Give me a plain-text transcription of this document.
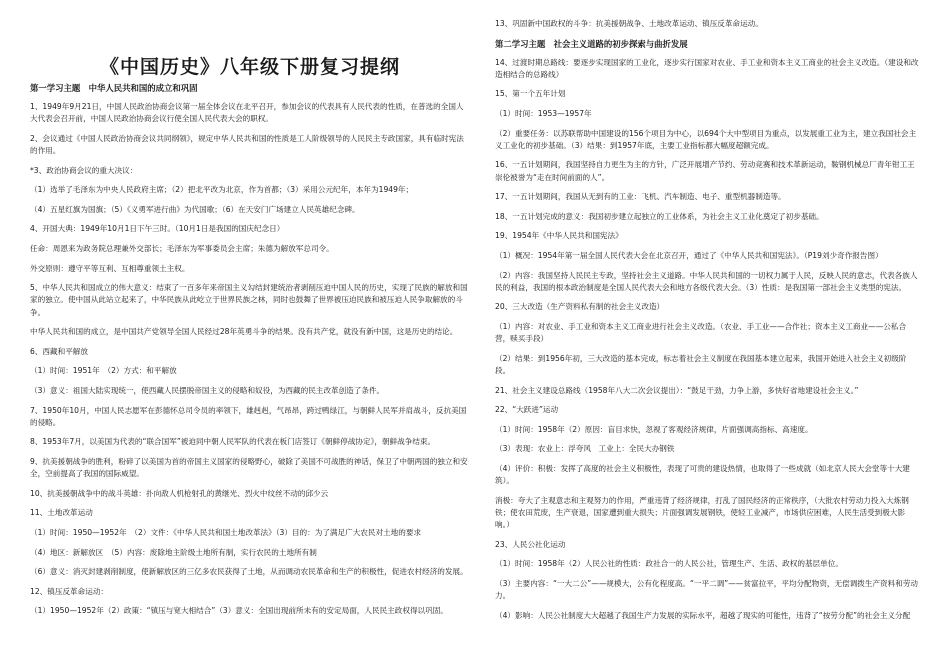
《中国历史》八年级下册复习提纲
第一学习主题　中华人民共和国的成立和巩固
1、1949年9月21日，中国人民政治协商会议第一届全体会议在北平召开，参加会议的代表具有人民代表的性质，在普选的全国人大代表会召开前，中国人民政治协商会议行使全国人民代表大会的职权。
2、会议通过《中国人民政治协商会议共同纲领》，规定中华人民共和国的性质是工人阶级领导的人民民主专政国家，具有临时宪法的作用。
*3、政治协商会议的重大决议：
（1）选举了毛泽东为中央人民政府主席；（2）把北平改为北京，作为首都；（3）采用公元纪年，本年为1949年；
（4）五星红旗为国旗；（5）《义勇军进行曲》为代国歌；（6）在天安门广场建立人民英雄纪念碑。
4、开国大典：1949年10月1日下午三时。（10月1日是我国的国庆纪念日）
任命：周恩来为政务院总理兼外交部长；毛泽东为军事委员会主席；朱德为解放军总司令。
外交原则：遵守平等互利、互相尊重领土主权。
5、中华人民共和国成立的伟大意义：结束了一百多年来帝国主义勾结封建统治者剥削压迫中国人民的历史，实现了民族的解放和国家的独立。使中国从此站立起来了，中华民族从此屹立于世界民族之林，同时也鼓舞了世界被压迫民族和被压迫人民争取解放的斗争。
中华人民共和国的成立，是中国共产党领导全国人民经过28年英勇斗争的结果。没有共产党，就没有新中国，这是历史的结论。
6、西藏和平解放
（1）时间：1951年　（2）方式：和平解放
（3）意义：祖国大陆实现统一，使西藏人民摆脱帝国主义的侵略和奴役，为西藏的民主改革创造了条件。
7、1950年10月，中国人民志愿军在彭德怀总司令员的率领下，雄赳赳，气昂昂，跨过鸭绿江，与朝鲜人民军并肩战斗，反抗美国的侵略。
8、1953年7月，以美国为代表的“联合国军”被迫同中朝人民军队的代表在板门店签订《朝鲜停战协定》，朝鲜战争结束。
9、抗美援朝战争的胜利，粉碎了以美国为首的帝国主义国家的侵略野心，破除了美国不可战胜的神话，保卫了中朝两国的独立和安全，空前提高了我国的国际威望。
10、抗美援朝战争中的战斗英雄：扑向敌人机枪射孔的黄继光、烈火中纹丝不动的邱少云
11、土地改革运动
（1）时间：1950—1952年　（2）文件：《中华人民共和国土地改革法》（3）目的：为了满足广大农民对土地的要求
（4）地区：新解放区　（5）内容：废除地主阶级土地所有制，实行农民的土地所有制
（6）意义：消灭封建剥削制度，使新解放区的三亿多农民获得了土地，从而调动农民革命和生产的积极性，促进农村经济的发展。
12、镇压反革命运动：
（1）1950—1952年（2）政策：“镇压与宽大相结合”（3）意义：全国出现前所未有的安定局面，人民民主政权得以巩固。
13、巩固新中国政权的斗争：抗美援朝战争、土地改革运动、镇压反革命运动。
第二学习主题　社会主义道路的初步探索与曲折发展
14、过渡时期总路线：要逐步实现国家的工业化，逐步实行国家对农业、手工业和资本主义工商业的社会主义改造。（建设和改造相结合的总路线）
15、第一个五年计划
（1）时间：1953—1957年
（2）重要任务：以苏联帮助中国建设的156个项目为中心，以694个大中型项目为重点，以发展重工业为主，建立我国社会主义工业化的初步基础。（3）结果：到1957年底，主要工业指标都大幅度超额完成。
16、一五计划期间，我国坚持自力更生为主的方针，广泛开展增产节约、劳动竞赛和技术革新运动，鞍钢机械总厂青年钳工王崇伦被誉为“走在时间前面的人”。
17、一五计划期间，我国从无到有的工业：飞机、汽车制造、电子、重型机器制造等。
18、一五计划完成的意义：我国初步建立起独立的工业体系，为社会主义工业化奠定了初步基础。
19、1954年《中华人民共和国宪法》
（1）概况：1954年第一届全国人民代表大会在北京召开，通过了《中华人民共和国宪法》。（P19刘少奇作报告图）
（2）内容：我国坚持人民民主专政，坚持社会主义道路。中华人民共和国的一切权力属于人民，反映人民的意志，代表各族人民的利益，我国的根本政治制度是全国人民代表大会和地方各级代表大会。（3）性质：是我国第一部社会主义类型的宪法。
20、三大改造（生产资料私有制的社会主义改造）
（1）内容：对农业、手工业和资本主义工商业进行社会主义改造。（农业、手工业——合作社；资本主义工商业——公私合营，赎买手段）
（2）结果：到1956年初，三大改造的基本完成，标志着社会主义制度在我国基本建立起来，我国开始进入社会主义初级阶段。
21、社会主义建设总路线（1958年八大二次会议提出）：“鼓足干劲，力争上游，多快好省地建设社会主义。”
22、“大跃进”运动
（1）时间：1958年（2）原因：盲目求快，忽视了客观经济规律，片面强调高指标、高速度。
（3）表现：农业上：浮夸风　工业上：全民大办钢铁
（4）评价：积极：发挥了高度的社会主义积极性，表现了可贵的建设热情，也取得了一些成就（如北京人民大会堂等十大建筑）。
消极：夸大了主观意志和主观努力的作用，严重违背了经济规律，打乱了国民经济的正常秩序，（大批农村劳动力投入大炼钢铁；使农田荒废，生产衰退，国家遭到重大损失；片面强调发展钢铁，使轻工业减产，市场供应困难，人民生活受到极大影响。）
23、人民公社化运动
（1）时间：1958年（2）人民公社的性质：政社合一的人民公社，管理生产、生活、政权的基层单位。
（3）主要内容：“一大二公”——规模大，公有化程度高。“一平二调”——贫富拉平，平均分配物资，无偿调拨生产资料和劳动力。
（4）影响：人民公社制度大大超越了我国生产力发展的实际水平，超越了现实的可能性，违背了“按劳分配”的社会主义分配
